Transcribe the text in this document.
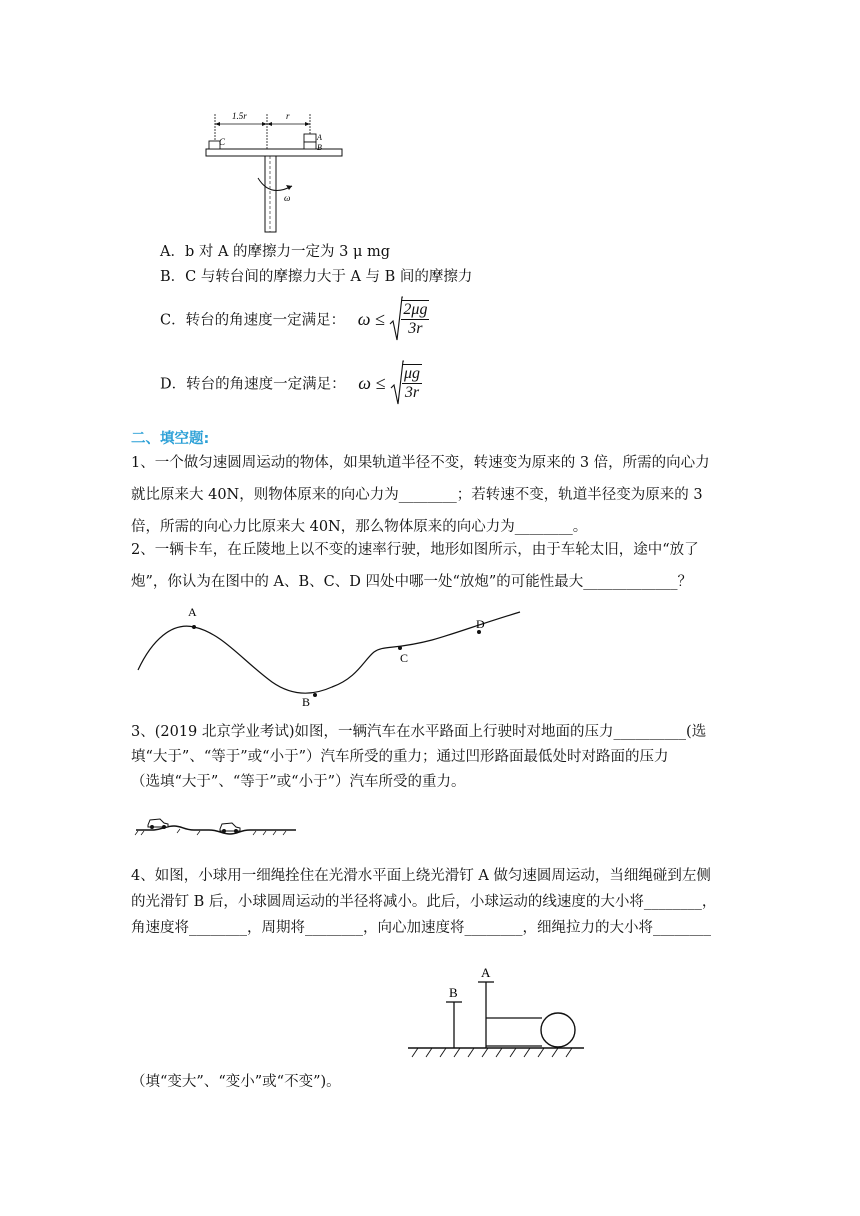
1.5r	r
C	A
B
ω
A．b 对 A 的摩擦力一定为 3 μ mg
B．C 与转台间的摩擦力大于 A 与 B 间的摩擦力
C．转台的角速度一定满足： $\omega \le \frac{2\mu g}{3r}$
D．转台的角速度一定满足： $\omega \le \frac{\mu g}{3r}$
二、填空题:
1、一个做匀速圆周运动的物体，如果轨道半径不变，转速变为原来的 3 倍，所需的向心力
就比原来大 40N，则物体原来的向心力为________；若转速不变，轨道半径变为原来的 3
倍，所需的向心力比原来大 40N，那么物体原来的向心力为________。
2、一辆卡车，在丘陵地上以不变的速率行驶，地形如图所示，由于车轮太旧，途中“放了
炮”，你认为在图中的 A、B、C、D 四处中哪一处“放炮”的可能性最大_____________？
A
B
C
D
3、(2019 北京学业考试)如图，一辆汽车在水平路面上行驶时对地面的压力__________(选
填“大于”、“等于”或“小于”）汽车所受的重力；通过凹形路面最低处时对路面的压力
（选填“大于”、“等于”或“小于”）汽车所受的重力。
4、如图，小球用一细绳拴住在光滑水平面上绕光滑钉 A 做匀速圆周运动，当细绳碰到左侧
的光滑钉 B 后，小球圆周运动的半径将减小。此后，小球运动的线速度的大小将________，
角速度将________，周期将________，向心加速度将________，细绳拉力的大小将________
A
B
（填“变大”、“变小”或“不变”)。
